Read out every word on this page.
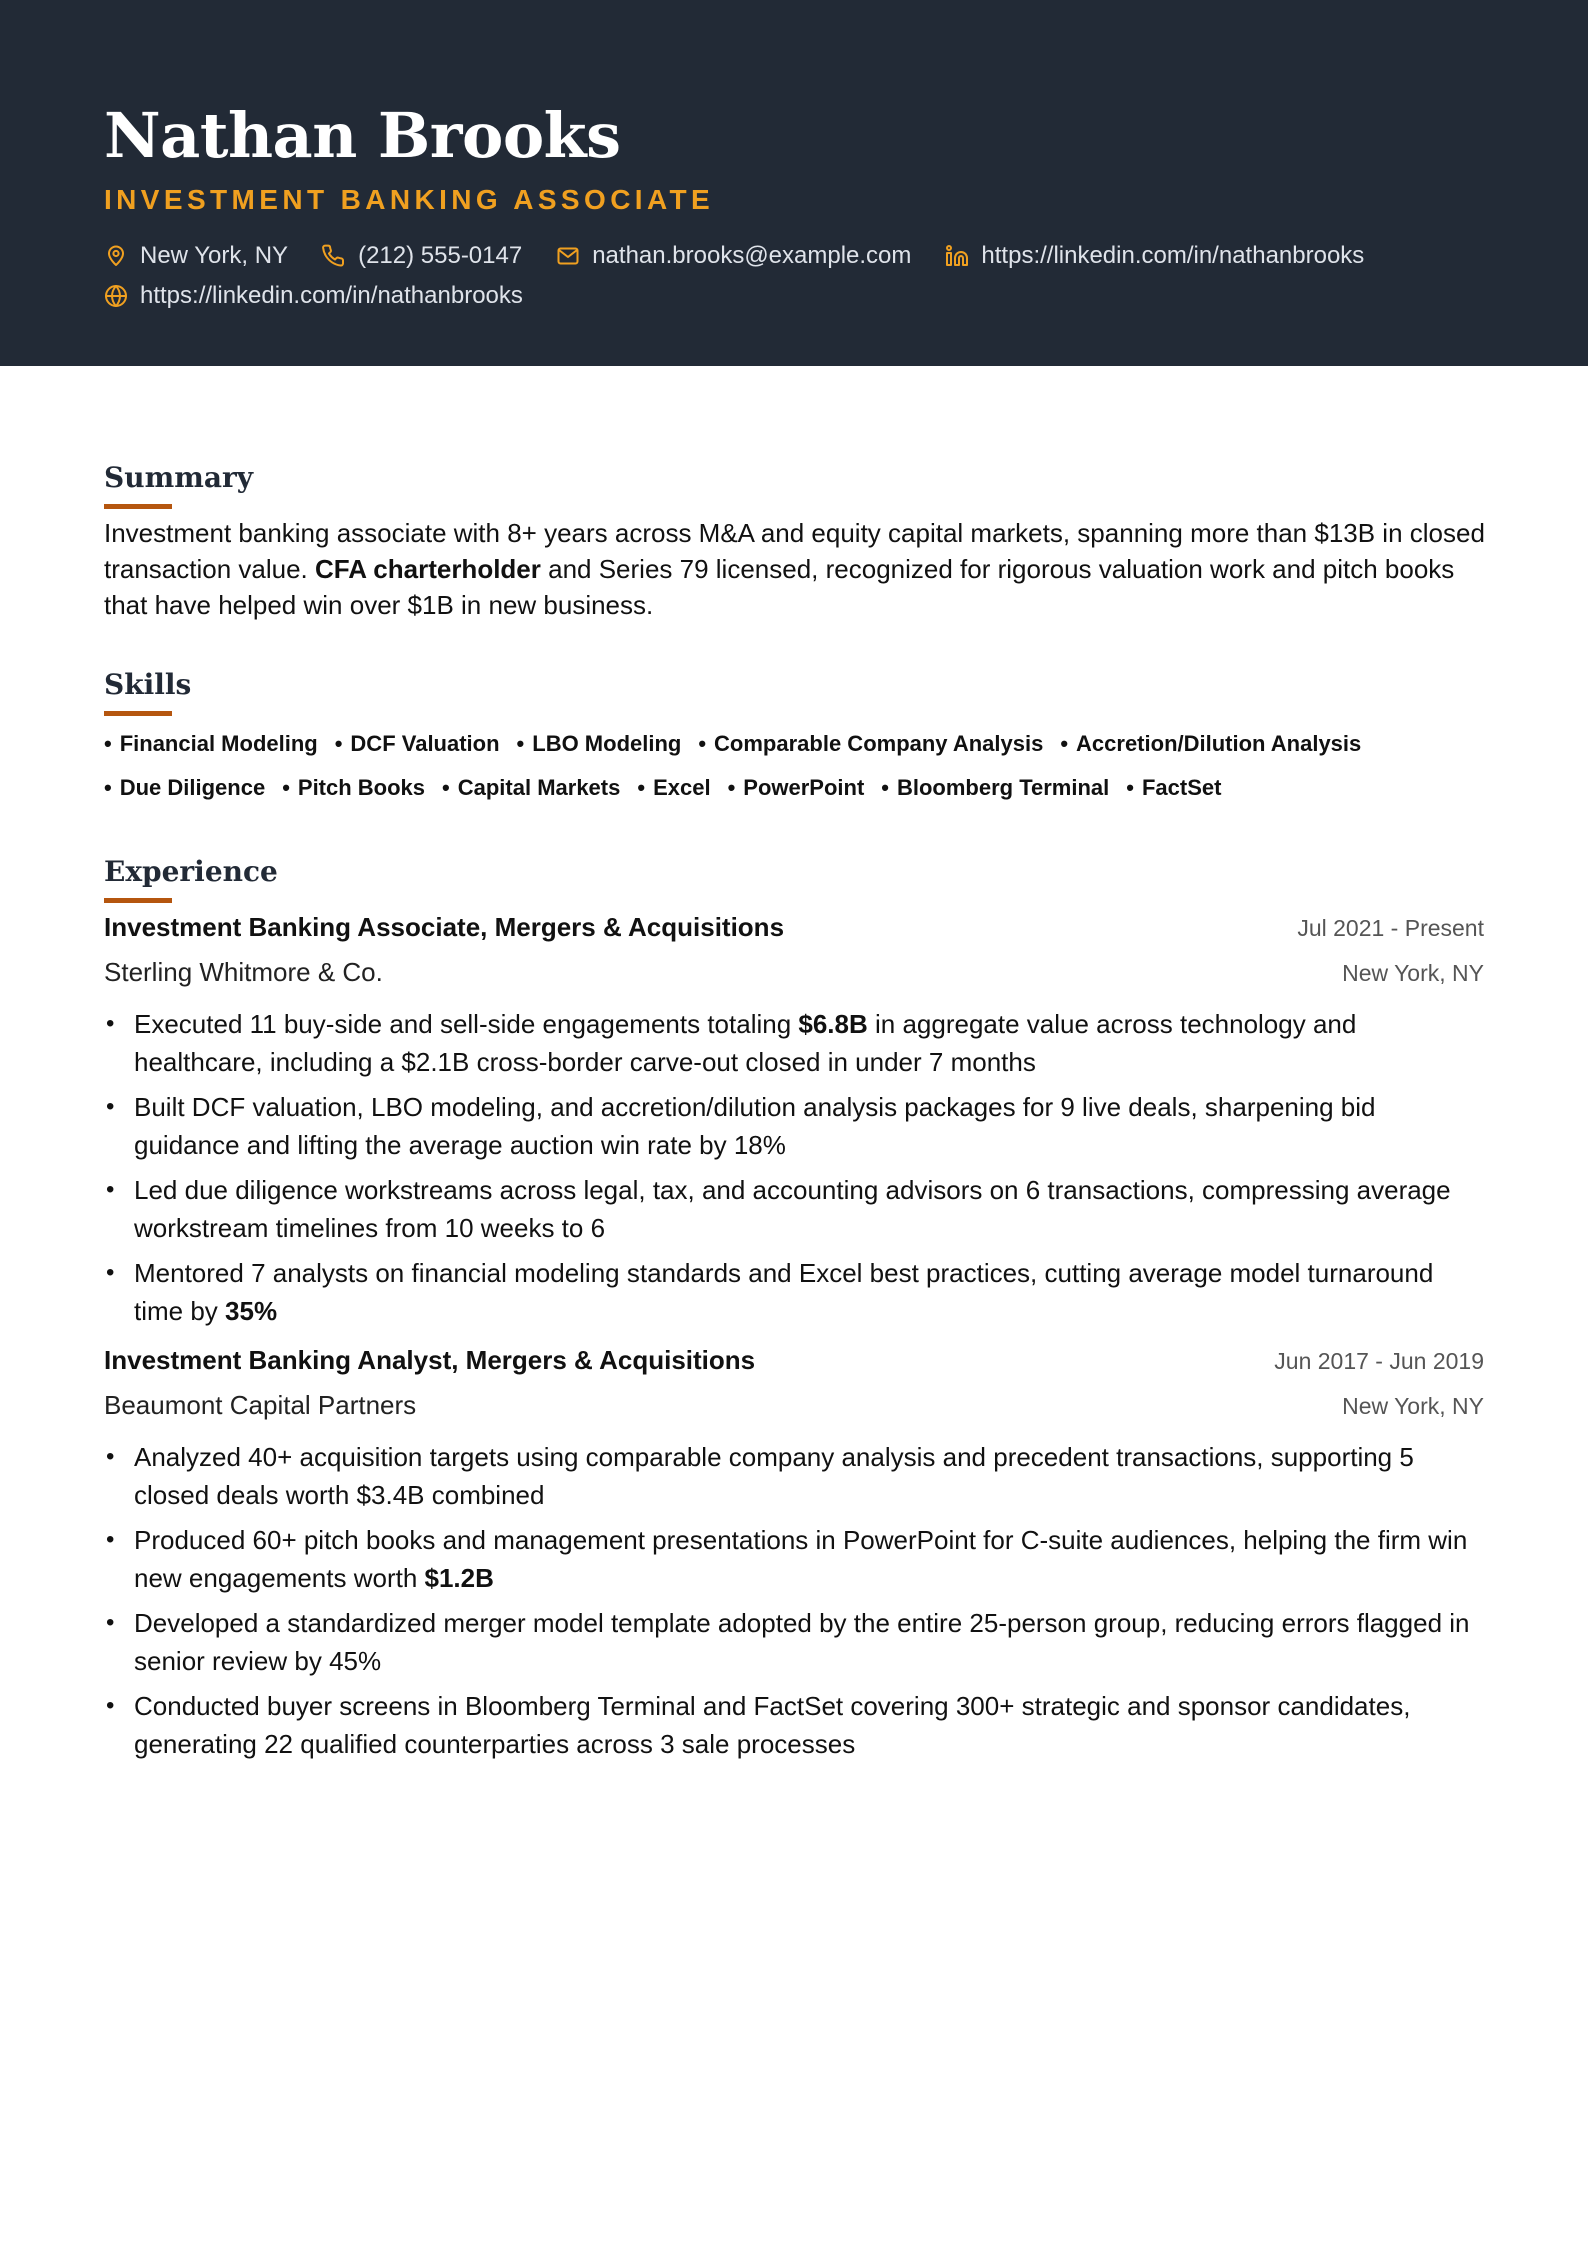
Nathan Brooks
INVESTMENT BANKING ASSOCIATE
New York, NY	(212) 555-0147	nathan.brooks@example.com	https://linkedin.com/in/nathanbrooks
https://linkedin.com/in/nathanbrooks
Summary

Investment banking associate with 8+ years across M&A and equity capital markets, spanning more than $13B in closed transaction value. CFA charterholder and Series 79 licensed, recognized for rigorous valuation work and pitch books that have helped win over $1B in new business.

Skills
• Financial Modeling • DCF Valuation • LBO Modeling • Comparable Company Analysis • Accretion/Dilution Analysis
• Due Diligence • Pitch Books • Capital Markets • Excel • PowerPoint • Bloomberg Terminal • FactSet
Experience
Investment Banking Associate, Mergers & Acquisitions	Jul 2021 - Present
Sterling Whitmore & Co.	New York, NY
• Executed 11 buy-side and sell-side engagements totaling $6.8B in aggregate value across technology and healthcare, including a $2.1B cross-border carve-out closed in under 7 months
• Built DCF valuation, LBO modeling, and accretion/dilution analysis packages for 9 live deals, sharpening bid guidance and lifting the average auction win rate by 18%
• Led due diligence workstreams across legal, tax, and accounting advisors on 6 transactions, compressing average workstream timelines from 10 weeks to 6
• Mentored 7 analysts on financial modeling standards and Excel best practices, cutting average model turnaround time by 35%
Investment Banking Analyst, Mergers & Acquisitions	Jun 2017 - Jun 2019
Beaumont Capital Partners	New York, NY
• Analyzed 40+ acquisition targets using comparable company analysis and precedent transactions, supporting 5 closed deals worth $3.4B combined
• Produced 60+ pitch books and management presentations in PowerPoint for C-suite audiences, helping the firm win new engagements worth $1.2B
• Developed a standardized merger model template adopted by the entire 25-person group, reducing errors flagged in senior review by 45%
• Conducted buyer screens in Bloomberg Terminal and FactSet covering 300+ strategic and sponsor candidates, generating 22 qualified counterparties across 3 sale processes
